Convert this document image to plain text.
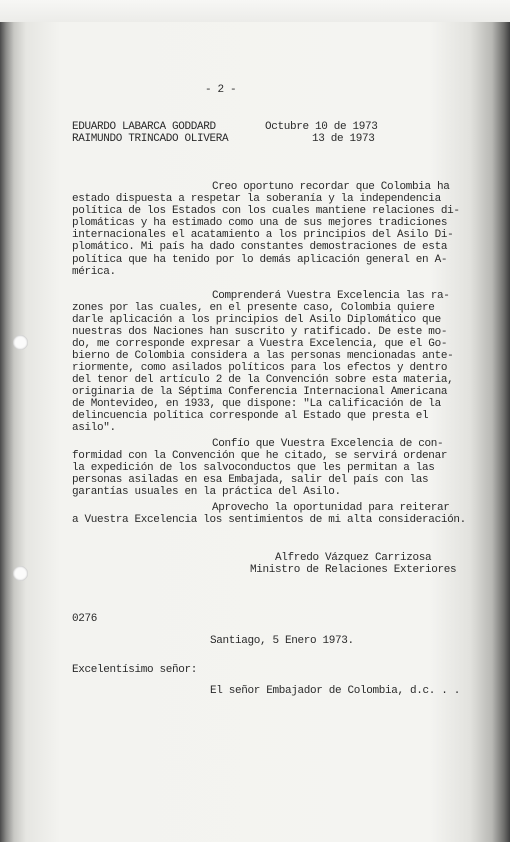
- 2 -
EDUARDO LABARCA GODDARD
RAIMUNDO TRINCADO OLIVERA
Octubre 10 de 1973
13 de 1973
Creo oportuno recordar que Colombia ha
estado dispuesta a respetar la soberanía y la independencia
política de los Estados con los cuales mantiene relaciones di-
plomáticas y ha estimado como una de sus mejores tradiciones
internacionales el acatamiento a los principios del Asilo Di-
plomático. Mi país ha dado constantes demostraciones de esta
política que ha tenido por lo demás aplicación general en A-
mérica.
Comprenderá Vuestra Excelencia las ra-
zones por las cuales, en el presente caso, Colombia quiere
darle aplicación a los principios del Asilo Diplomático que
nuestras dos Naciones han suscrito y ratificado. De este mo-
do, me corresponde expresar a Vuestra Excelencia, que el Go-
bierno de Colombia considera a las personas mencionadas ante-
riormente, como asilados políticos para los efectos y dentro
del tenor del artículo 2 de la Convención sobre esta materia,
originaria de la Séptima Conferencia Internacional Americana
de Montevideo, en 1933, que dispone: "La calificación de la
delincuencia política corresponde al Estado que presta el
asilo".
Confío que Vuestra Excelencia de con-
formidad con la Convención que he citado, se servirá ordenar
la expedición de los salvoconductos que les permitan a las
personas asiladas en esa Embajada, salir del país con las
garantías usuales en la práctica del Asilo.
Aprovecho la oportunidad para reiterar
a Vuestra Excelencia los sentimientos de mi alta consideración.
Alfredo Vázquez Carrizosa
Ministro de Relaciones Exteriores
0276
Santiago, 5 Enero 1973.
Excelentísimo señor:
El señor Embajador de Colombia, d.c. . .
